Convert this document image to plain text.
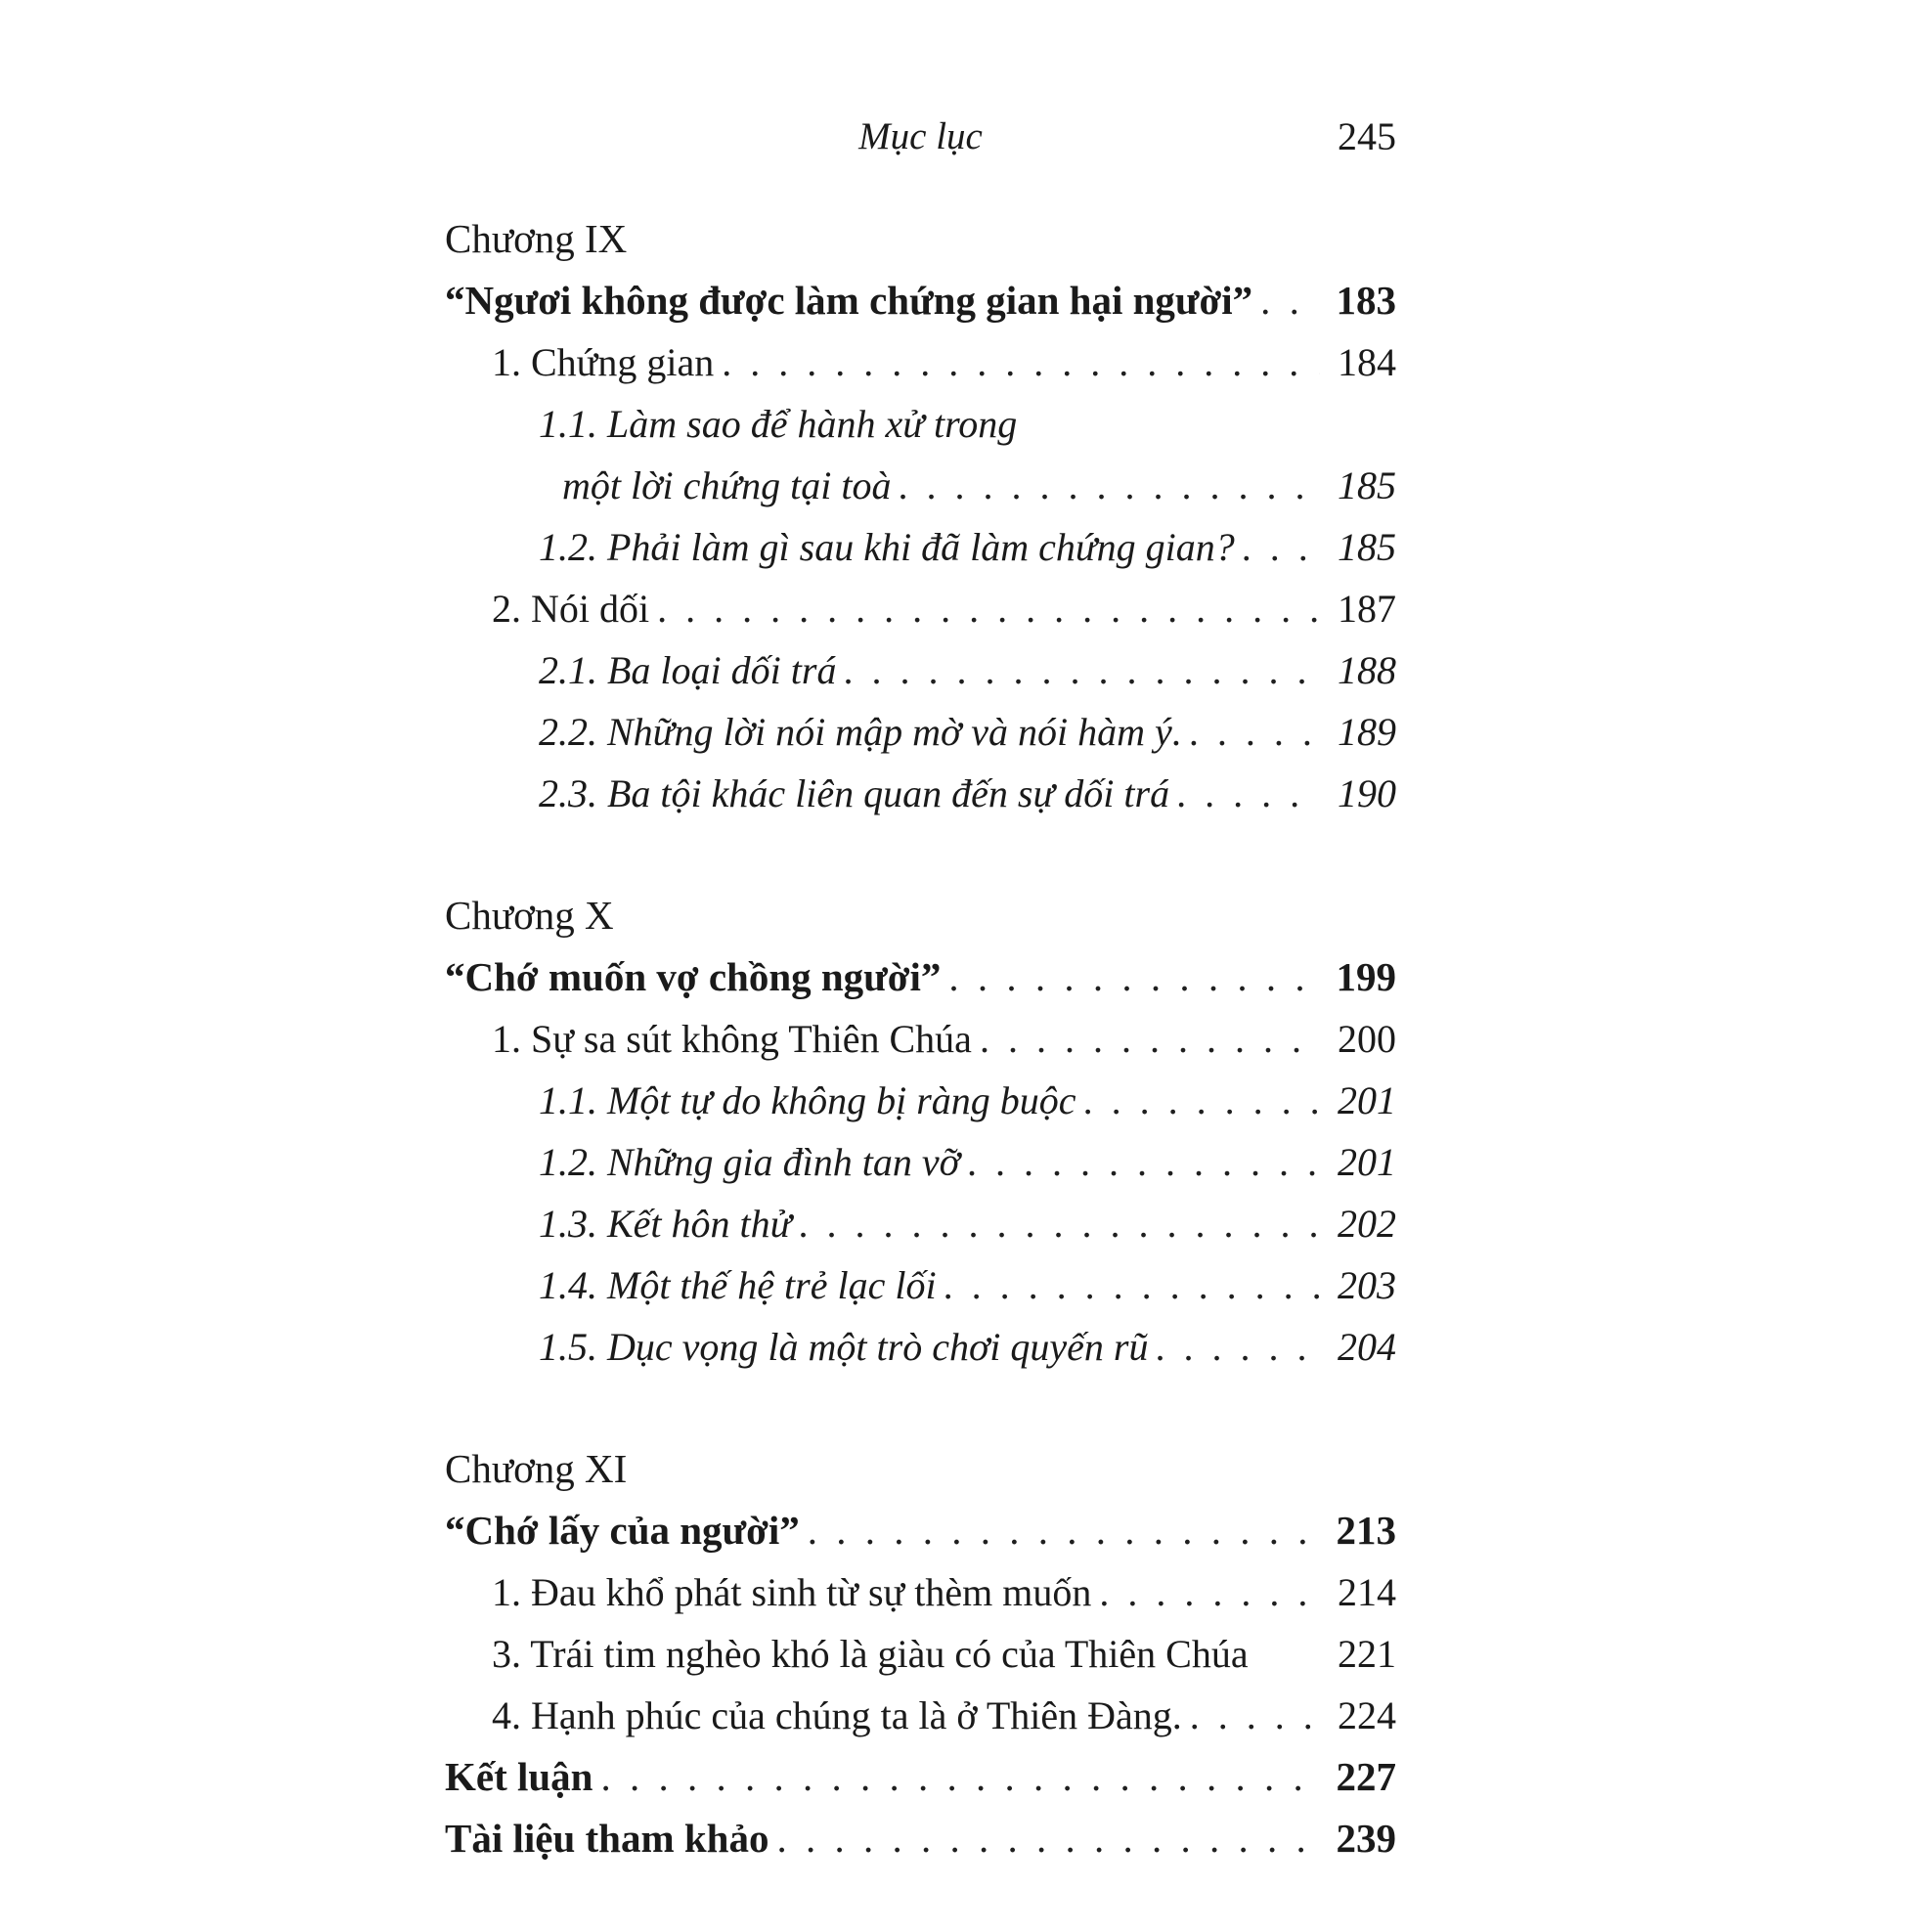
Mục lục	245
Chương IX
“Ngươi không được làm chứng gian hại người” . . . 183
1. Chứng gian . . .	184
1.1. Làm sao để hành xử trong
một lời chứng tại toà . . .	185
1.2. Phải làm gì sau khi đã làm chứng gian? . . .	185
2. Nói dối . . .	187
2.1. Ba loại dối trá . . .	188
2.2. Những lời nói mập mờ và nói hàm ý. . . .	189
2.3. Ba tội khác liên quan đến sự dối trá . . .	190
Chương X
“Chớ muốn vợ chồng người” . . .	199
1. Sự sa sút không Thiên Chúa . . .	200
1.1. Một tự do không bị ràng buộc . . .	201
1.2. Những gia đình tan vỡ . . .	201
1.3. Kết hôn thử . . .	202
1.4. Một thế hệ trẻ lạc lối . . .	203
1.5. Dục vọng là một trò chơi quyến rũ . . .	204
Chương XI
“Chớ lấy của người” . . .	213
1. Đau khổ phát sinh từ sự thèm muốn . . .	214
3. Trái tim nghèo khó là giàu có của Thiên Chúa 221
4. Hạnh phúc của chúng ta là ở Thiên Đàng. . . .	224
Kết luận . . .	227
Tài liệu tham khảo . . .	239
